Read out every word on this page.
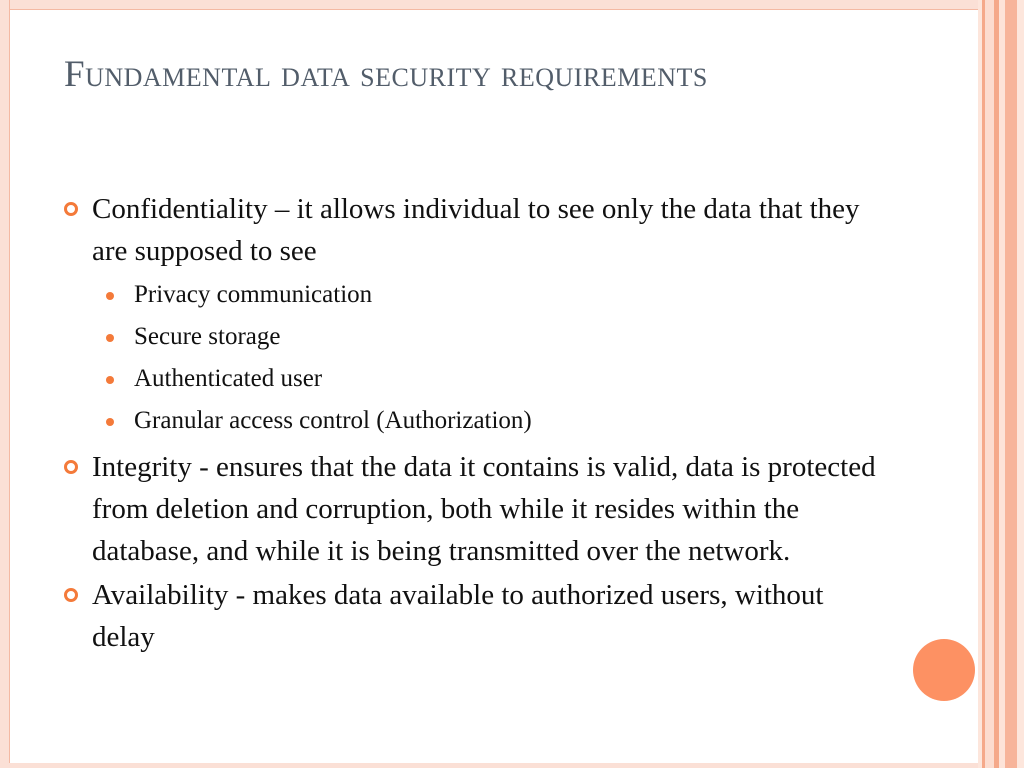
Fundamental data security requirements
Confidentiality – it allows individual to see only the data that they are supposed to see
Privacy communication
Secure storage
Authenticated user
Granular access control (Authorization)
Integrity - ensures that the data it contains is valid, data is protected from deletion and corruption, both while it resides within the database, and while it is being transmitted over the network.
Availability - makes data available to authorized users, without delay
